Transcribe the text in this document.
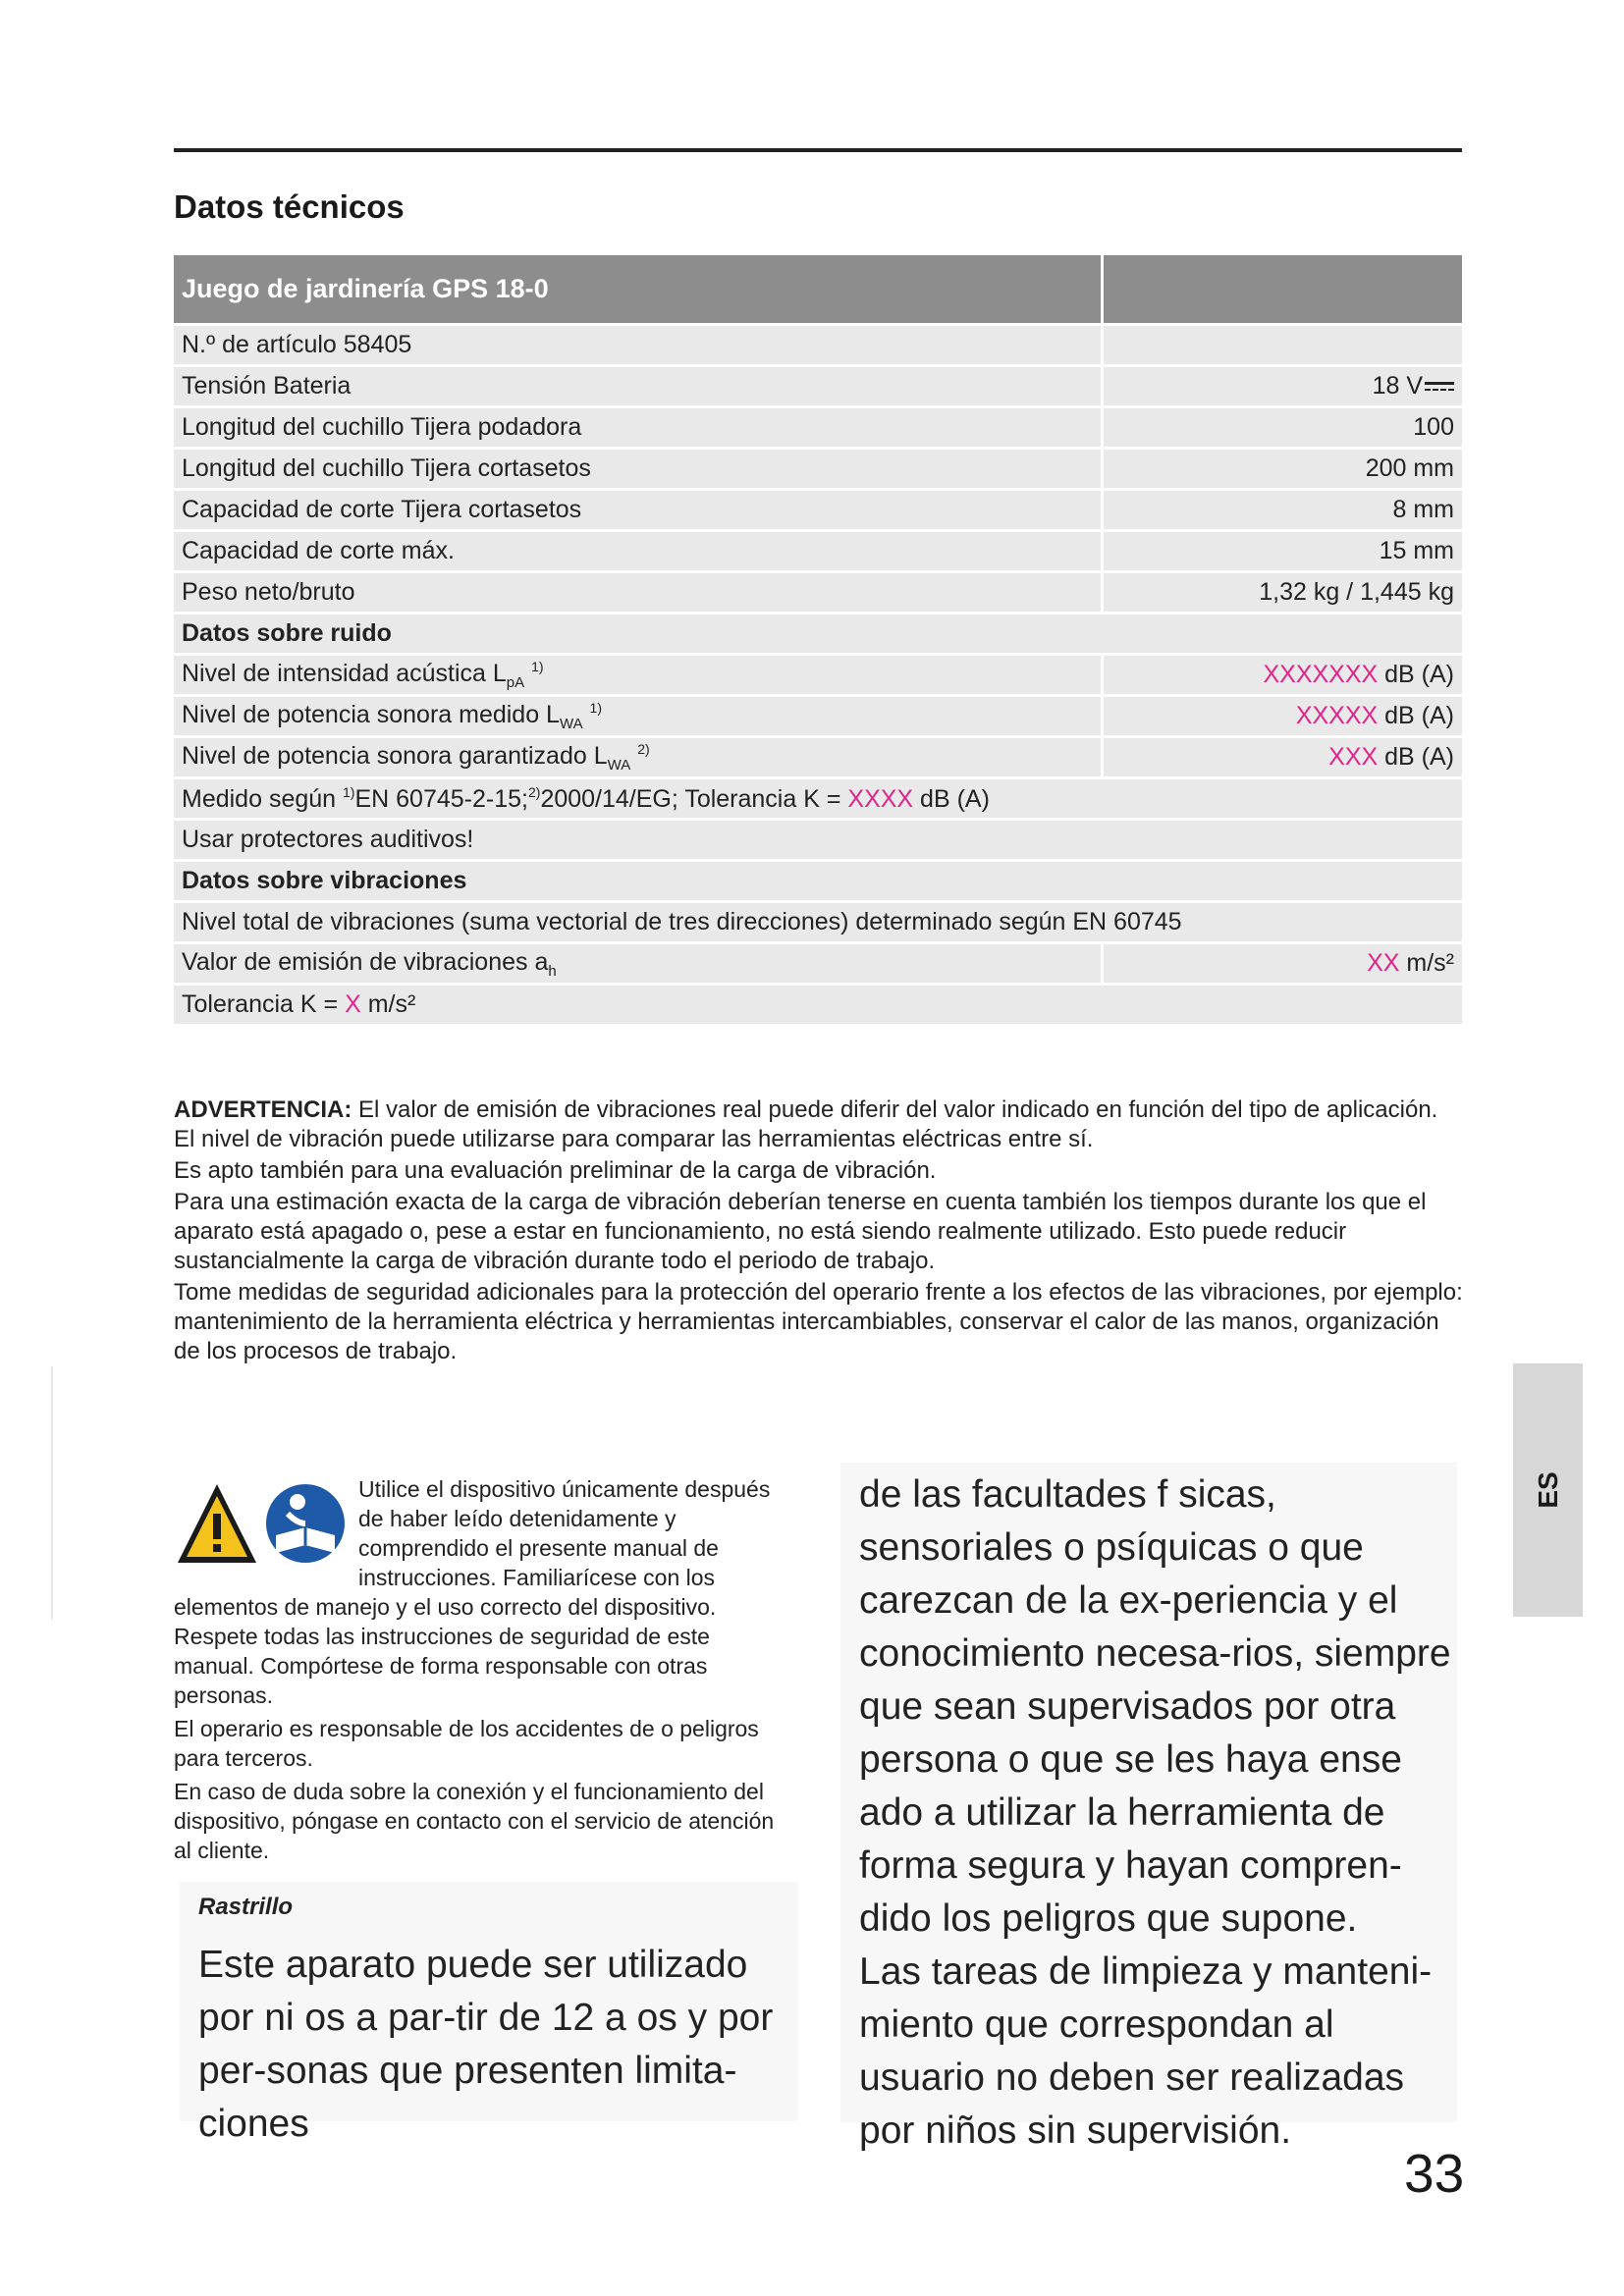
Datos técnicos
Juego de jardinería GPS 18-0	
N.º de artículo 58405	
Tensión Bateria	18 V
Longitud del cuchillo Tijera podadora	100
Longitud del cuchillo Tijera cortasetos	200 mm
Capacidad de corte Tijera cortasetos	8 mm
Capacidad de corte máx.	15 mm
Peso neto/bruto	1,32 kg / 1,445 kg
Datos sobre ruido	
Nivel de intensidad acústica $L_{pA}$ $^{1)}$	XXXXXXX dB (A)
Nivel de potencia sonora medido $L_{WA}$ $^{1)}$	XXXXX dB (A)
Nivel de potencia sonora garantizado $L_{WA}$ $^{2)}$	XXX dB (A)
Medido según $^{1)}$EN 60745-2-15;$^{2)}$2000/14/EG; Tolerancia K = XXXX dB (A)	
Usar protectores auditivos!	
Datos sobre vibraciones	
Nivel total de vibraciones (suma vectorial de tres direcciones) determinado según EN 60745	
Valor de emisión de vibraciones $a_h$	XX m/s²
Tolerancia K = X m/s²	

ADVERTENCIA: El valor de emisión de vibraciones real puede diferir del valor indicado en función del tipo de aplicación.

El nivel de vibración puede utilizarse para comparar las herramientas eléctricas entre sí.

Es apto también para una evaluación preliminar de la carga de vibración.

Para una estimación exacta de la carga de vibración deberían tenerse en cuenta también los tiempos durante los que el aparato está apagado o, pese a estar en funcionamiento, no está siendo realmente utilizado. Esto puede reducir sustancialmente la carga de vibración durante todo el periodo de trabajo.

Tome medidas de seguridad adicionales para la protección del operario frente a los efectos de las vibraciones, por ejemplo: mantenimiento de la herramienta eléctrica y herramientas intercambiables, conservar el calor de las manos, organización de los procesos de trabajo.

Utilice el dispositivo únicamente después de haber leído detenidamente y comprendido el presente manual de instrucciones. Familiarícese con los elementos de manejo y el uso correcto del dispositivo. Respete todas las instrucciones de seguridad de este manual. Compórtese de forma responsable con otras personas.

El operario es responsable de los accidentes de o peligros para terceros.

En caso de duda sobre la conexión y el funcionamiento del dispositivo, póngase en contacto con el servicio de atención al cliente.

Rastrillo
Este aparato puede ser utilizado por ni os a par-tir de 12 a os y por per-sonas que presenten limita-ciones

de las facultades f sicas, sensoriales o psíquicas o que carezcan de la ex-periencia y el conocimiento necesa-rios, siempre que sean supervisados por otra persona o que se les haya ense ado a utilizar la herramienta de forma segura y hayan compren-dido los peligros que supone.

Las tareas de limpieza y manteni-miento que correspondan al usuario no deben ser realizadas por niños sin supervisión.

ES
33
